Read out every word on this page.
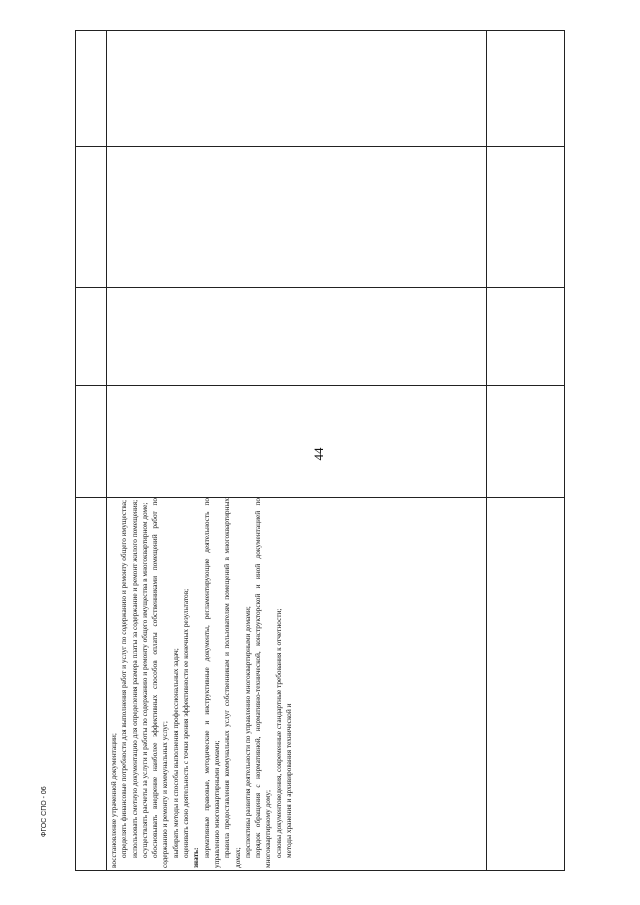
44
ФГОС СПО - 06	восстановление утраченной документации; определять финансовые потребности для выполнения работ и услуг по содержанию и ремонту общего имущества; использовать сметную документацию для определения размера платы за содержание и ремонт жилого помещения; осуществлять расчеты за услуги и работы по содержанию и ремонту общего имущества в многоквартирном доме; обосновывать внедрение наиболее эффективных способов оплаты собственниками помещений работ по содержанию и ремонту и коммунальных услуг; выбирать методы и способы выполнения профессиональных задач; оценивать свою деятельность с точки зрения эффективности ее конечных результатов; знать: нормативные правовые, методические и инструктивные документы, регламентирующие деятельность по управлению многоквартирными домами; правила предоставления коммунальных услуг собственникам и пользователям помещений в многоквартирных домах; перспективы развития деятельности по управлению многоквартирными домами; порядок обращения с нормативной, нормативно-технической, конструкторской и иной документацией по многоквартирному дому; основы документоведения, современные стандартные требования к отчетности; методы хранения и архивирования технической и
